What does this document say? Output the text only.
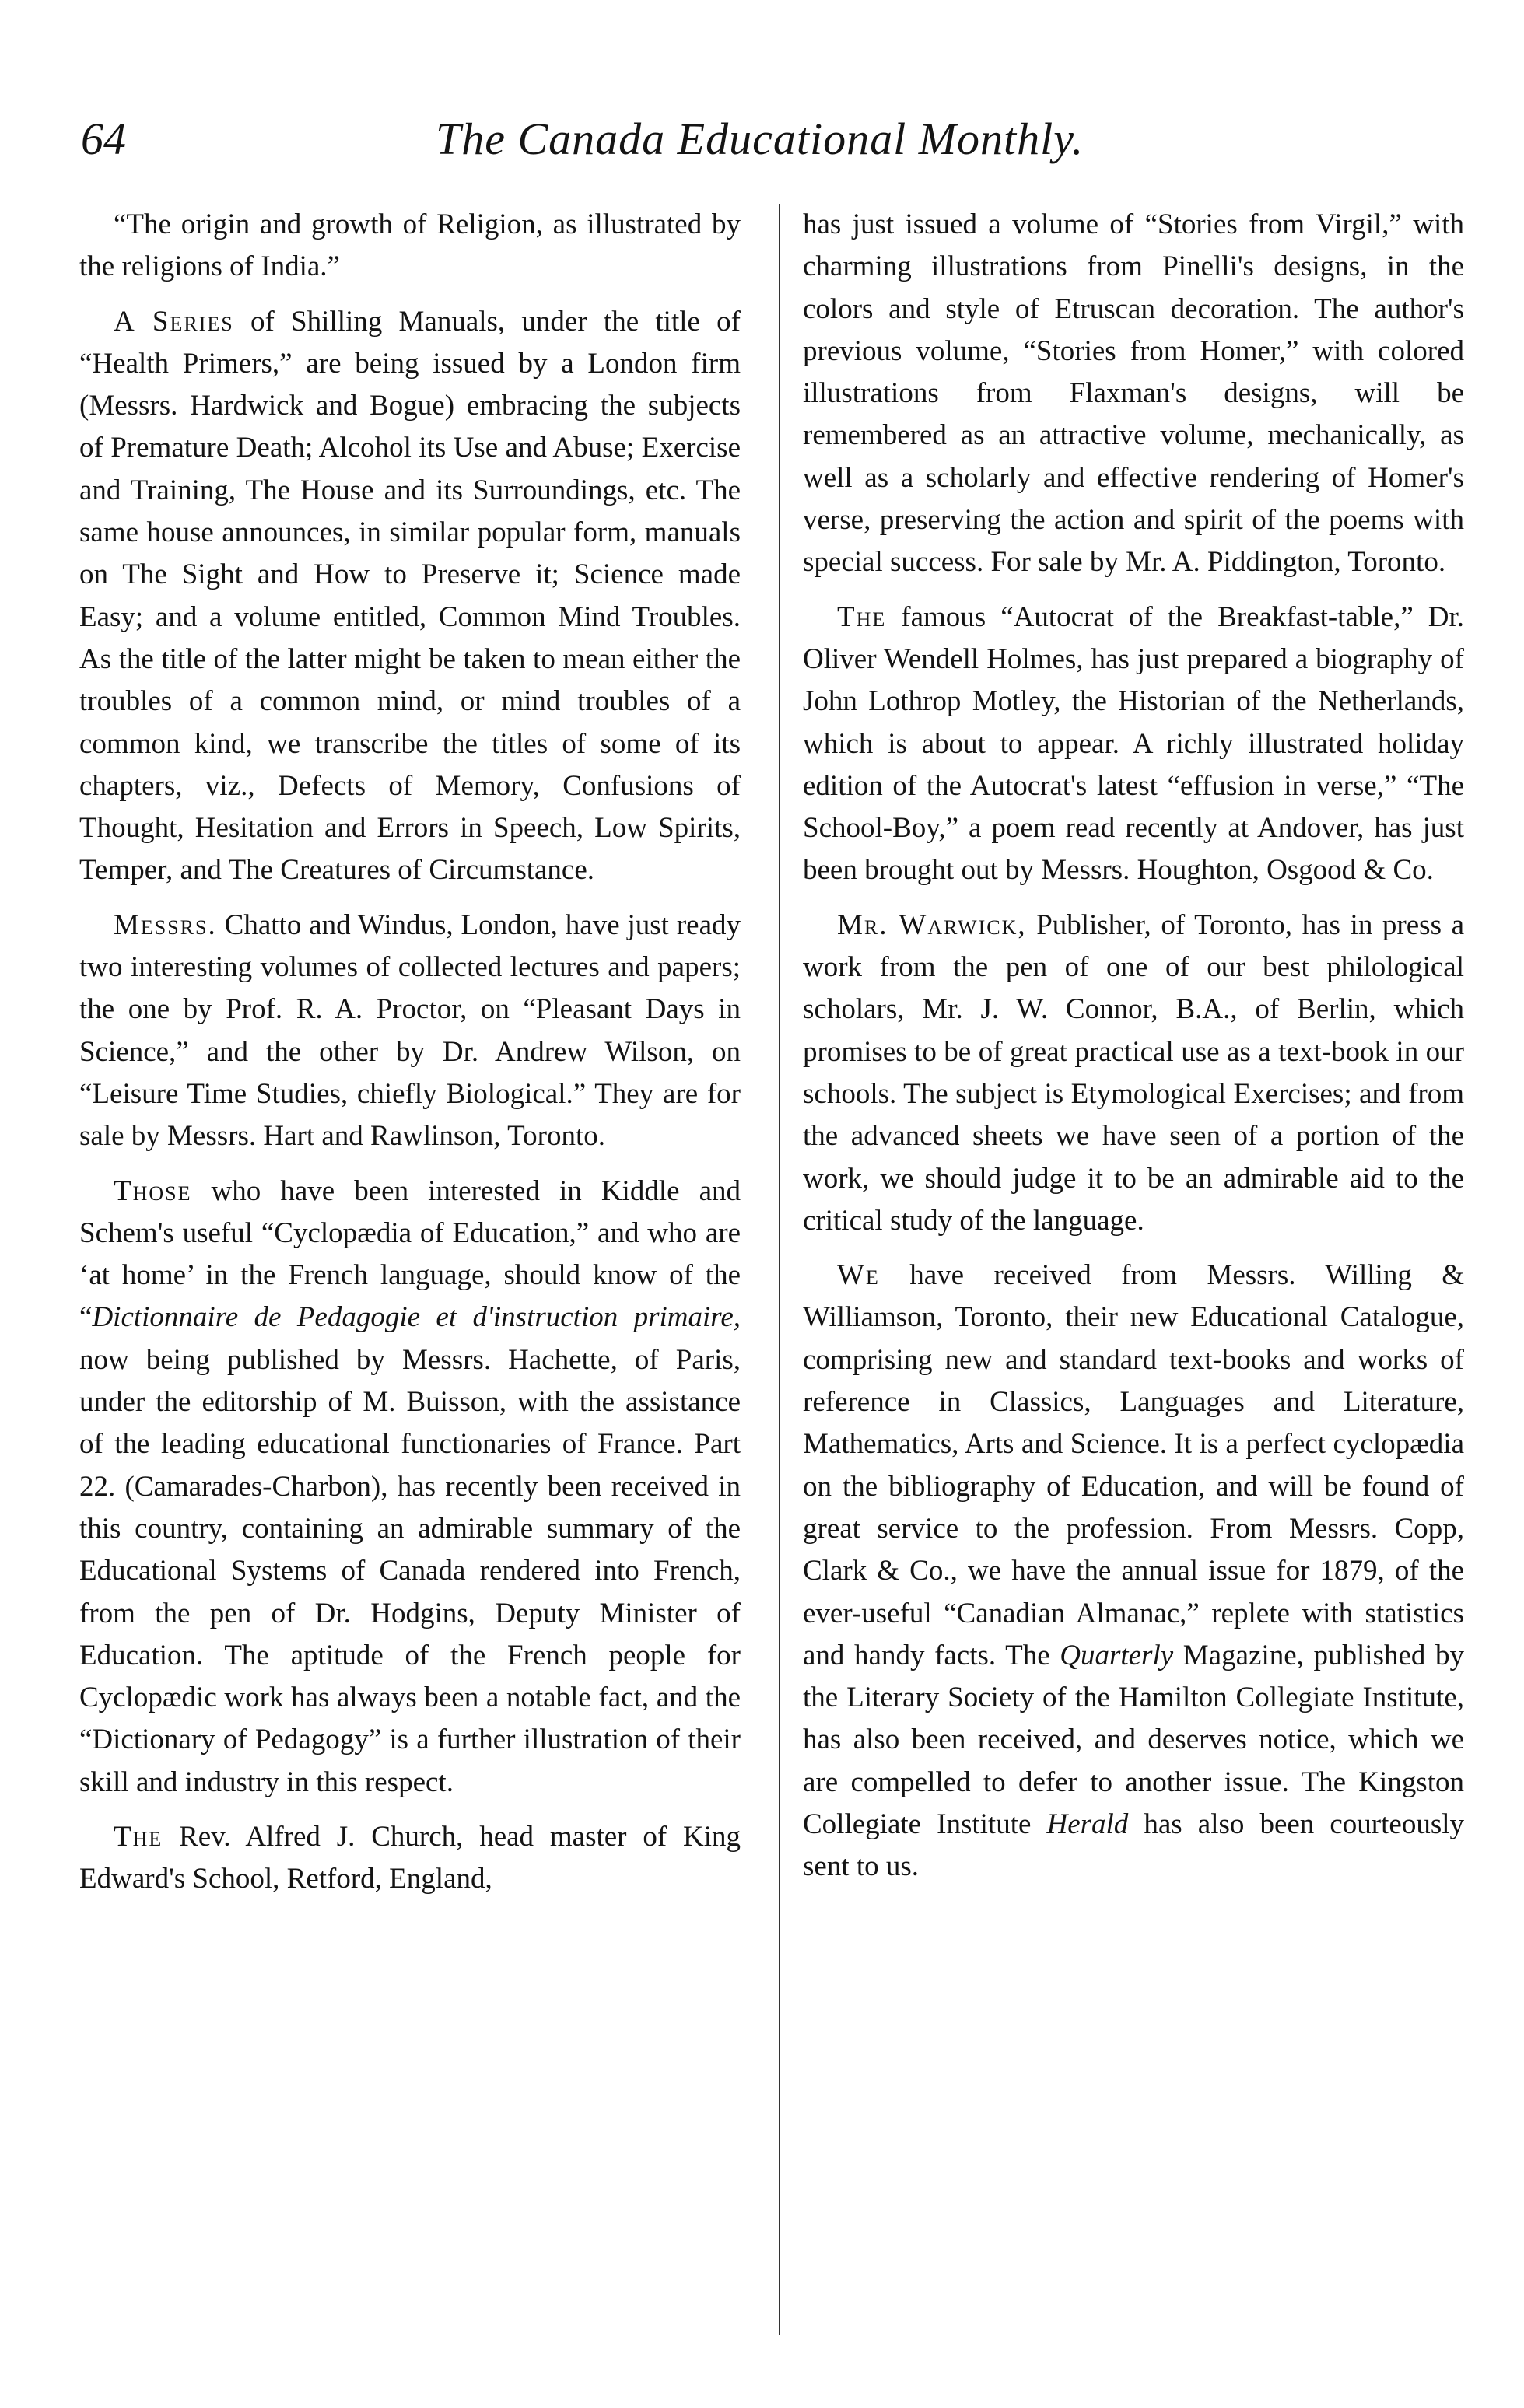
64	The Canada Educational Monthly.

“The origin and growth of Religion, as illustrated by the religions of India.”

A Series of Shilling Manuals, under the title of “Health Primers,” are being issued by a London firm (Messrs. Hardwick and Bogue) embracing the subjects of Premature Death; Alcohol its Use and Abuse; Exercise and Training, The House and its Surroundings, etc. The same house announces, in similar popular form, manuals on The Sight and How to Preserve it; Science made Easy; and a volume entitled, Common Mind Troubles. As the title of the latter might be taken to mean either the troubles of a common mind, or mind troubles of a common kind, we transcribe the titles of some of its chapters, viz., Defects of Memory, Confusions of Thought, Hesitation and Errors in Speech, Low Spirits, Temper, and The Creatures of Circumstance.

Messrs. Chatto and Windus, London, have just ready two interesting volumes of collected lectures and papers; the one by Prof. R. A. Proctor, on “Pleasant Days in Science,” and the other by Dr. Andrew Wilson, on “Leisure Time Studies, chiefly Biological.” They are for sale by Messrs. Hart and Rawlinson, Toronto.

Those who have been interested in Kiddle and Schem's useful “Cyclopædia of Education,” and who are ‘at home’ in the French language, should know of the “Dictionnaire de Pedagogie et d'instruction primaire, now being published by Messrs. Hachette, of Paris, under the editorship of M. Buisson, with the assistance of the leading educational functionaries of France. Part 22. (Camarades-Charbon), has recently been received in this country, containing an admirable summary of the Educational Systems of Canada rendered into French, from the pen of Dr. Hodgins, Deputy Minister of Education. The aptitude of the French people for Cyclopædic work has always been a notable fact, and the “Dictionary of Pedagogy” is a further illustration of their skill and industry in this respect.

The Rev. Alfred J. Church, head master of King Edward's School, Retford, England,

has just issued a volume of “Stories from Virgil,” with charming illustrations from Pinelli's designs, in the colors and style of Etruscan decoration. The author's previous volume, “Stories from Homer,” with colored illustrations from Flaxman's designs, will be remembered as an attractive volume, mechanically, as well as a scholarly and effective rendering of Homer's verse, preserving the action and spirit of the poems with special success. For sale by Mr. A. Piddington, Toronto.

The famous “Autocrat of the Breakfast-table,” Dr. Oliver Wendell Holmes, has just prepared a biography of John Lothrop Motley, the Historian of the Netherlands, which is about to appear. A richly illustrated holiday edition of the Autocrat's latest “effusion in verse,” “The School-Boy,” a poem read recently at Andover, has just been brought out by Messrs. Houghton, Osgood & Co.

Mr. Warwick, Publisher, of Toronto, has in press a work from the pen of one of our best philological scholars, Mr. J. W. Connor, B.A., of Berlin, which promises to be of great practical use as a text-book in our schools. The subject is Etymological Exercises; and from the advanced sheets we have seen of a portion of the work, we should judge it to be an admirable aid to the critical study of the language.

We have received from Messrs. Willing & Williamson, Toronto, their new Educational Catalogue, comprising new and standard text-books and works of reference in Classics, Languages and Literature, Mathematics, Arts and Science. It is a perfect cyclopædia on the bibliography of Education, and will be found of great service to the profession. From Messrs. Copp, Clark & Co., we have the annual issue for 1879, of the ever-useful “Canadian Almanac,” replete with statistics and handy facts. The Quarterly Magazine, published by the Literary Society of the Hamilton Collegiate Institute, has also been received, and deserves notice, which we are compelled to defer to another issue. The Kingston Collegiate Institute Herald has also been courteously sent to us.
